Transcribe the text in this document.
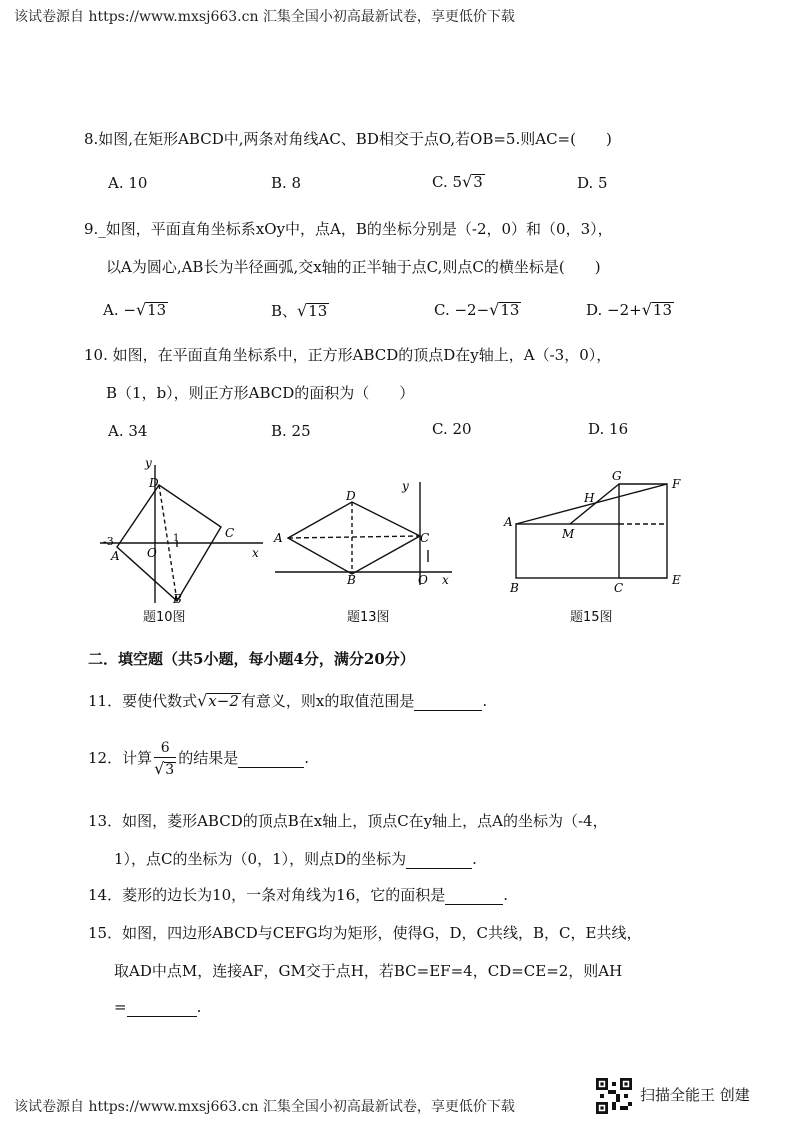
该试卷源自 https://www.mxsj663.cn 汇集全国小初高最新试卷，享更低价下载
8.如图,在矩形ABCD中,两条对角线AC、BD相交于点O,若OB=5.则AC=(　　)
A. 10	B. 8	C. 5√3	D. 5
9._如图，平面直角坐标系xOy中，点A，B的坐标分别是（-2，0）和（0，3），
以A为圆心,AB长为半径画弧,交x轴的正半轴于点C,则点C的横坐标是(　　)
A. −√13	B、√13	C. −2−√13	D. −2+√13
10. 如图，在平面直角坐标系中，正方形ABCD的顶点D在y轴上，A（-3，0），
B（1，b），则正方形ABCD的面积为（　　）
A. 34	B. 25	C. 20	D. 16
y
x
D
C
A
-3
O
1
B
题10图
y
D
A	C
B	O x
题13图
G
F
H
A
M
B	C
E
题15图
二．填空题（共5小题，每小题4分，满分20分）
11．要使代数式√x−2 有意义，则x的取值范围是	.
12．计算 $\frac{6}{√3}$ 的结果是	.
13．如图，菱形ABCD的顶点B在x轴上，顶点C在y轴上，点A的坐标为（-4，
1），点C的坐标为（0，1），则点D的坐标为	.
14．菱形的边长为10，一条对角线为16，它的面积是	.
15．如图，四边形ABCD与CEFG均为矩形，使得G，D，C共线，B，C，E共线，
取AD中点M，连接AF，GM交于点H，若BC=EF=4，CD=CE=2，则AH
=	.
该试卷源自 https://www.mxsj663.cn 汇集全国小初高最新试卷，享更低价下载
扫描全能王 创建
